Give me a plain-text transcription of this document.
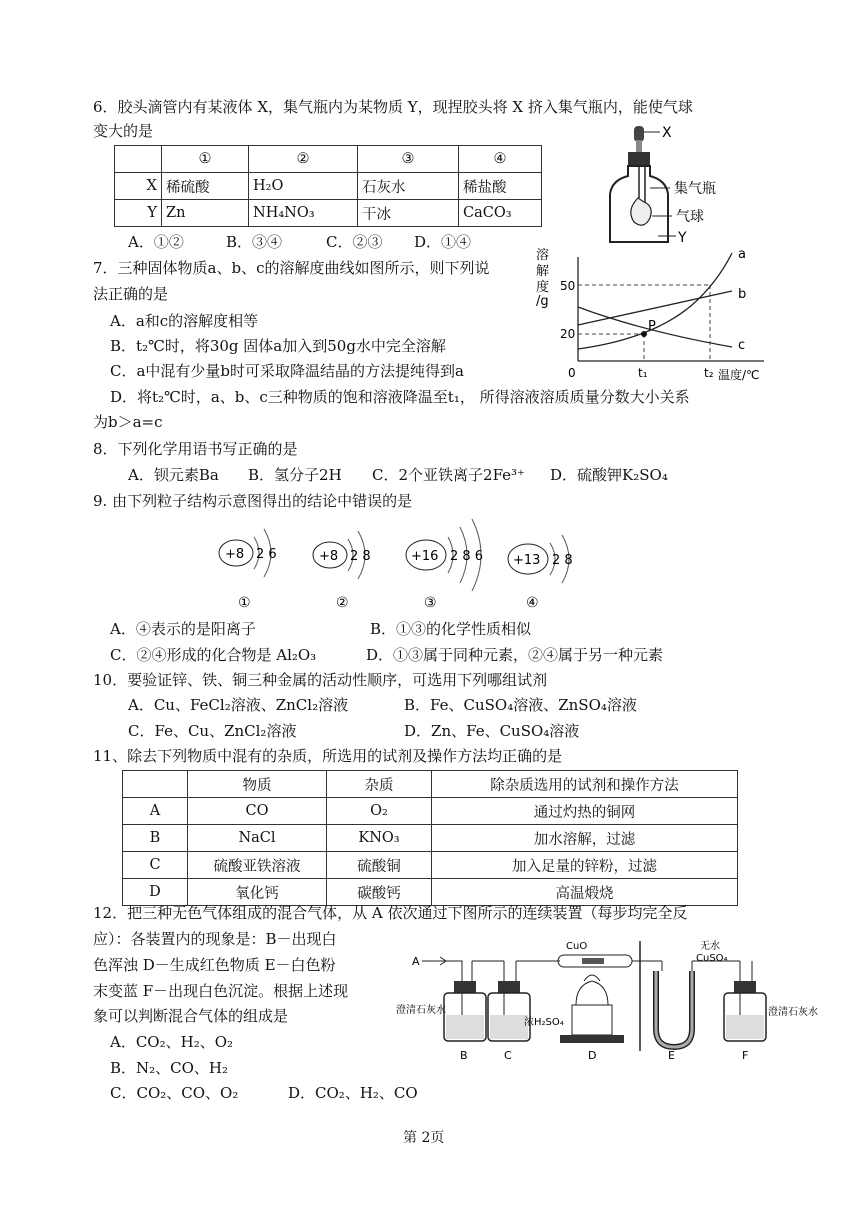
6．胶头滴管内有某液体 X，集气瓶内为某物质 Y，现捏胶头将 X 挤入集气瓶内，能使气球
变大的是
	①	②	③	④
X	稀硫酸	H₂O	石灰水	稀盐酸
Y	Zn	NH₄NO₃	干冰	CaCO₃
A．①②	B．③④	C．②③ D．①④
X
集气瓶
气球
Y
7．三种固体物质a、b、c的溶解度曲线如图所示，则下列说
法正确的是
A．a和c的溶解度相等
B．t₂℃时，将30g 固体a加入到50g水中完全溶解
C．a中混有少量b时可采取降温结晶的方法提纯得到a
D．将t₂℃时，a、b、c三种物质的饱和溶液降温至t₁， 所得溶液溶质质量分数大小关系
为b＞a=c
溶
解
度
/g
a
b
c
P
50
20
0	t₁	t₂ 温度/℃
8．下列化学用语书写正确的是
A．钡元素Ba B．氢分子2H C．2个亚铁离子2Fe³⁺ D．硫酸钾K₂SO₄
9. 由下列粒子结构示意图得出的结论中错误的是
+8 2 6
①
+8 2 8
②
+16 2 8 6
③
+13 2 8
④
A．④表示的是阳离子	B．①③的化学性质相似
C．②④形成的化合物是 Al₂O₃	D．①③属于同种元素，②④属于另一种元素
10．要验证锌、铁、铜三种金属的活动性顺序，可选用下列哪组试剂
A．Cu、FeCl₂溶液、ZnCl₂溶液	B．Fe、CuSO₄溶液、ZnSO₄溶液
C．Fe、Cu、ZnCl₂溶液	D．Zn、Fe、CuSO₄溶液
11、除去下列物质中混有的杂质，所选用的试剂及操作方法均正确的是
	物质	杂质	除杂质选用的试剂和操作方法
A	CO	O₂	通过灼热的铜网
B	NaCl	KNO₃	加水溶解，过滤
C	硫酸亚铁溶液	硫酸铜	加入足量的锌粉，过滤
D	氧化钙	碳酸钙	高温煅烧
12．把三种无色气体组成的混合气体，从 A 依次通过下图所示的连续装置（每步均完全反
应）：各装置内的现象是：B－出现白
色浑浊 D－生成红色物质 E－白色粉
末变蓝 F－出现白色沉淀。根据上述现
象可以判断混合气体的组成是
A．CO₂、H₂、O₂
B．N₂、CO、H₂
C．CO₂、CO、O₂	D．CO₂、H₂、CO
A
澄清石灰水
B
浓H₂SO₄
C
CuO
D
无水
CuSO₄
E
澄清石灰水
F
第 2页
